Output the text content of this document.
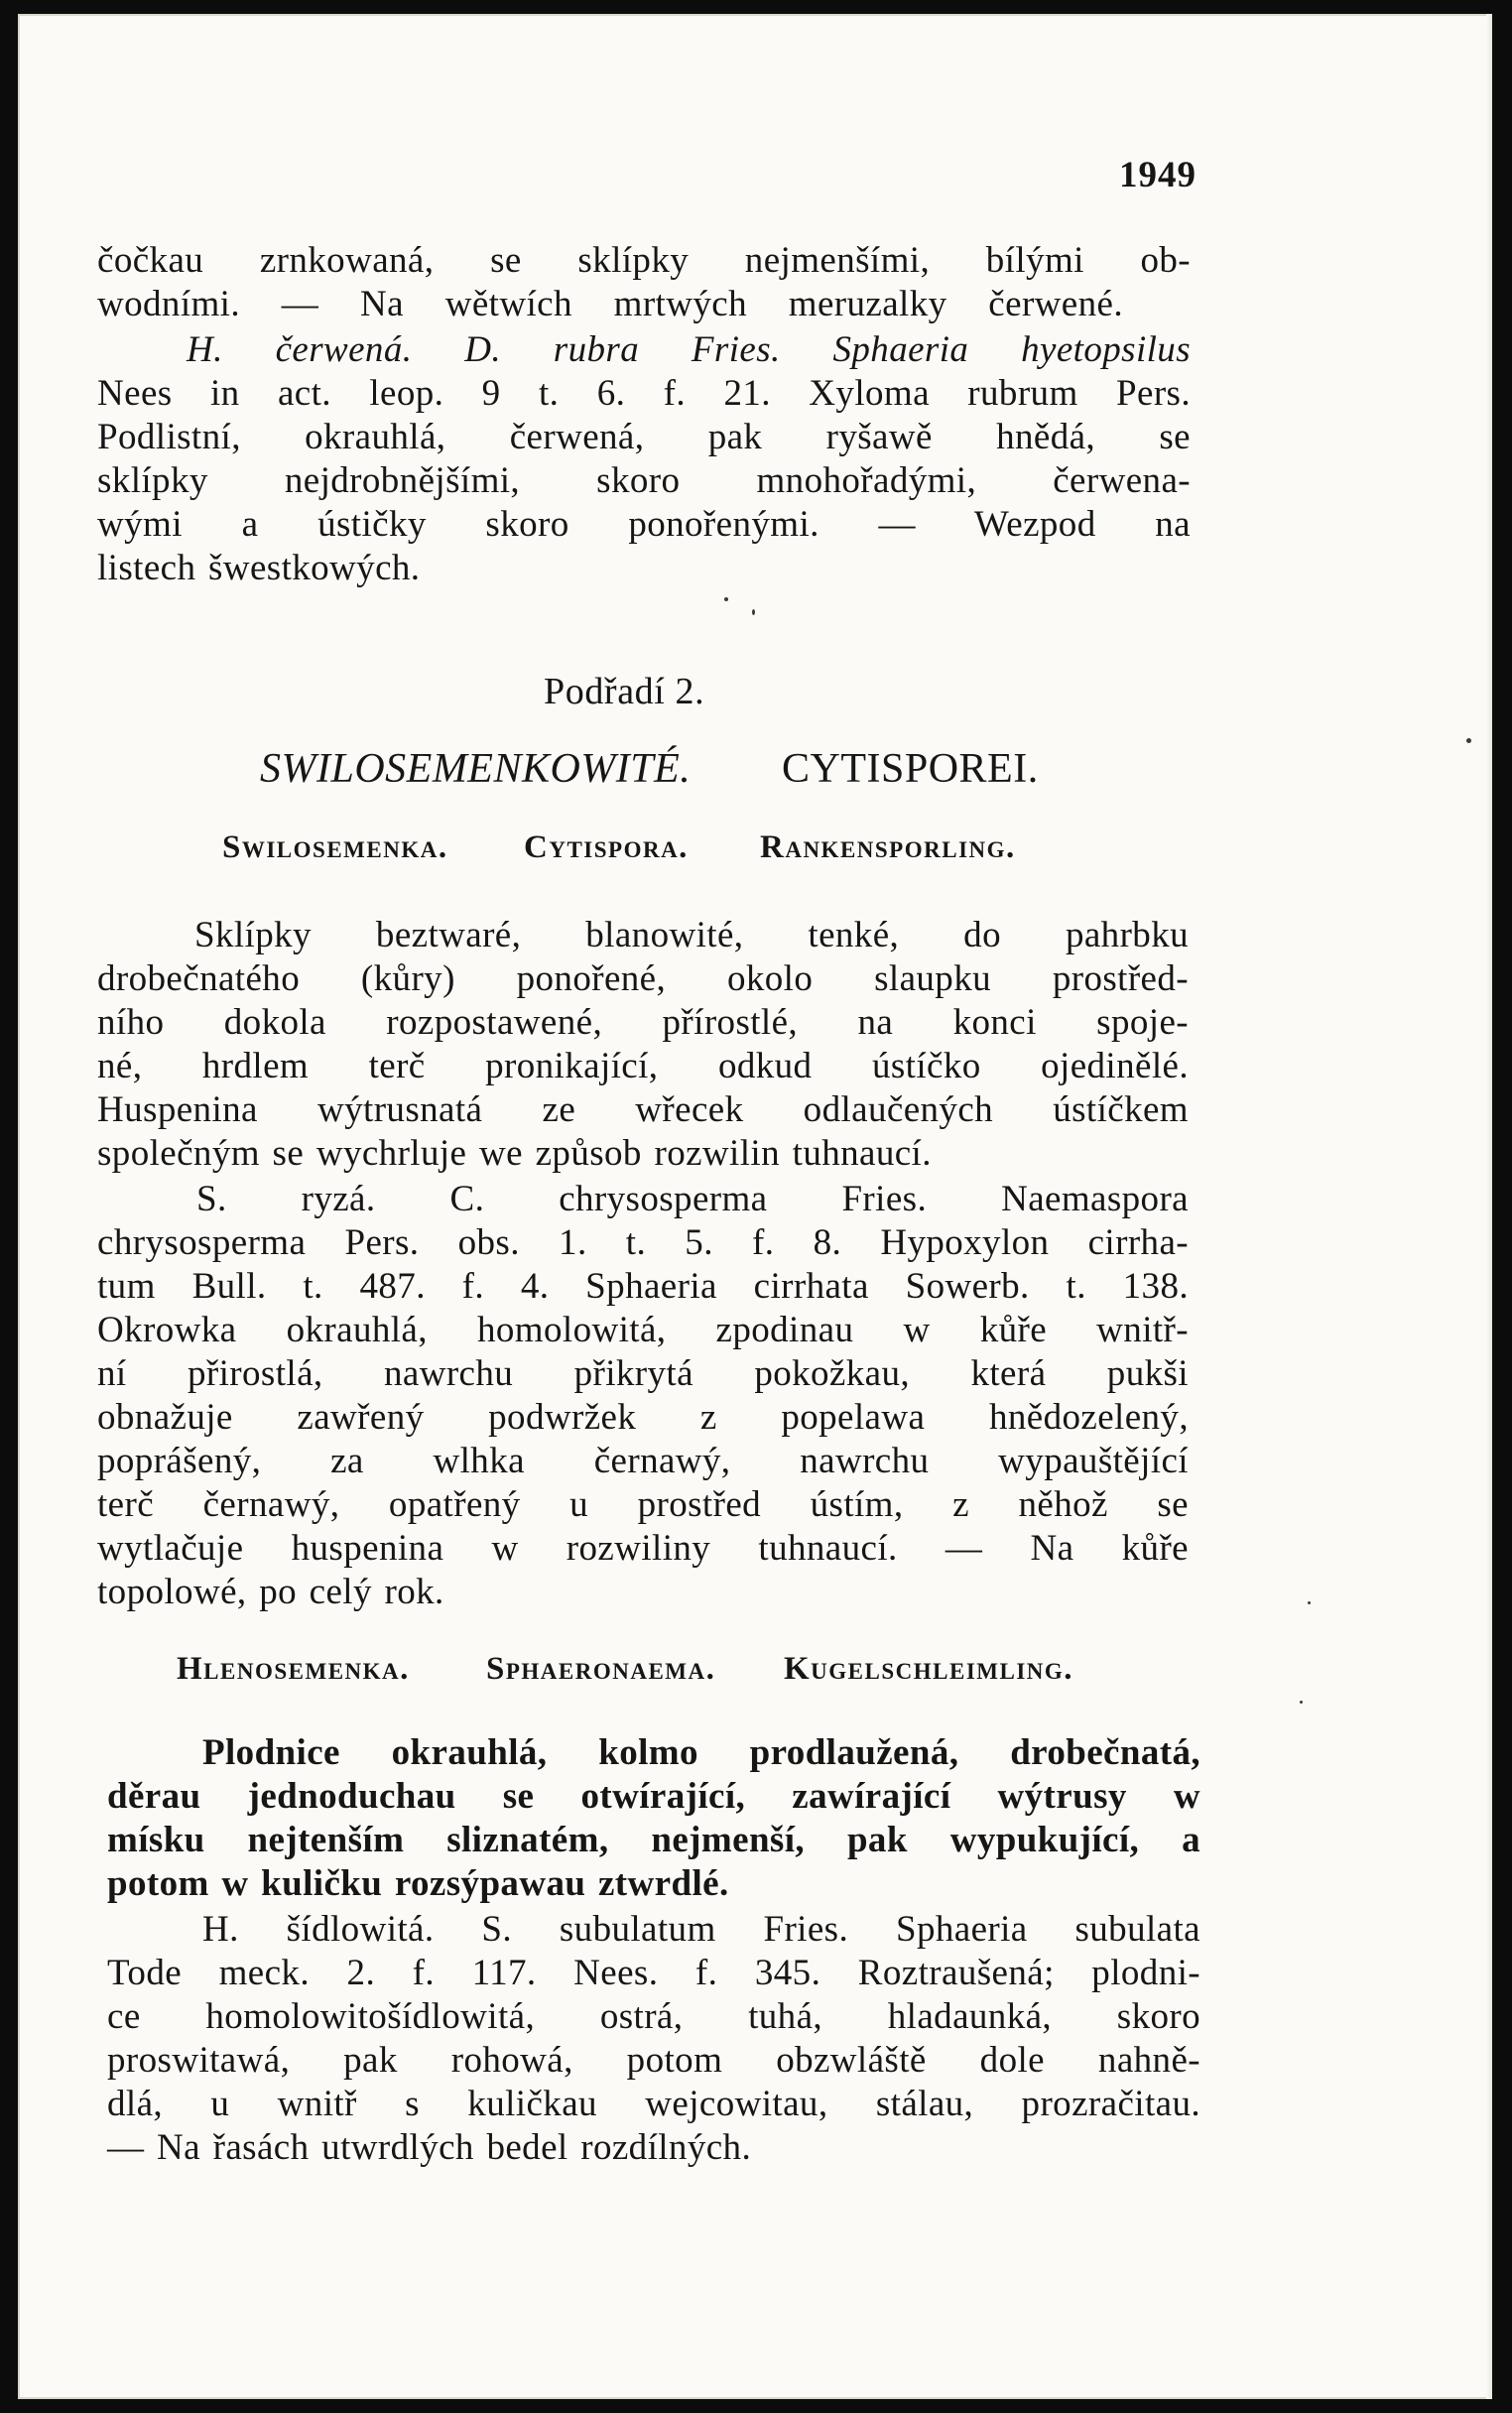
1949

čočkau zrnkowaná, se sklípky nejmenšími, bílými ob-

wodními. — Na wětwích mrtwých meruzalky čerwené.

H. čerwená. D. rubra Fries. Sphaeria hyetopsilus

Nees in act. leop. 9 t. 6. f. 21. Xyloma rubrum Pers.

Podlistní, okrauhlá, čerwená, pak ryšawě hnědá, se

sklípky nejdrobnějšími, skoro mnohořadými, čerwena-

wými a ústičky skoro ponořenými. — Wezpod na

listech šwestkowých.

Podřadí 2.

SWILOSEMENKOWITÉ. CYTISPOREI.

Swilosemenka. Cytispora. Rankensporling.

Sklípky beztwaré, blanowité, tenké, do pahrbku

drobečnatého (kůry) ponořené, okolo slaupku prostřed-

ního dokola rozpostawené, přírostlé, na konci spoje-

né, hrdlem terč pronikající, odkud ústíčko ojedinělé.

Huspenina wýtrusnatá ze wřecek odlaučených ústíčkem

společným se wychrluje we způsob rozwilin tuhnaucí.

S. ryzá. C. chrysosperma Fries. Naemaspora

chrysosperma Pers. obs. 1. t. 5. f. 8. Hypoxylon cirrha-

tum Bull. t. 487. f. 4. Sphaeria cirrhata Sowerb. t. 138.

Okrowka okrauhlá, homolowitá, zpodinau w kůře wnitř-

ní přirostlá, nawrchu přikrytá pokožkau, která pukši

obnažuje zawřený podwržek z popelawa hnědozelený,

poprášený, za wlhka černawý, nawrchu wypauštějící

terč černawý, opatřený u prostřed ústím, z něhož se

wytlačuje huspenina w rozwiliny tuhnaucí. — Na kůře

topolowé, po celý rok.

Hlenosemenka. Sphaeronaema. Kugelschleimling.

Plodnice okrauhlá, kolmo prodlaužená, drobečnatá,

děrau jednoduchau se otwírající, zawírající wýtrusy w

mísku nejtenším sliznatém, nejmenší, pak wypukující, a

potom w kuličku rozsýpawau ztwrdlé.

H. šídlowitá. S. subulatum Fries. Sphaeria subulata

Tode meck. 2. f. 117. Nees. f. 345. Roztraušená; plodni-

ce homolowitošídlowitá, ostrá, tuhá, hladaunká, skoro

proswitawá, pak rohowá, potom obzwláště dole nahně-

dlá, u wnitř s kuličkau wejcowitau, stálau, prozračitau.

— Na řasách utwrdlých bedel rozdílných.
